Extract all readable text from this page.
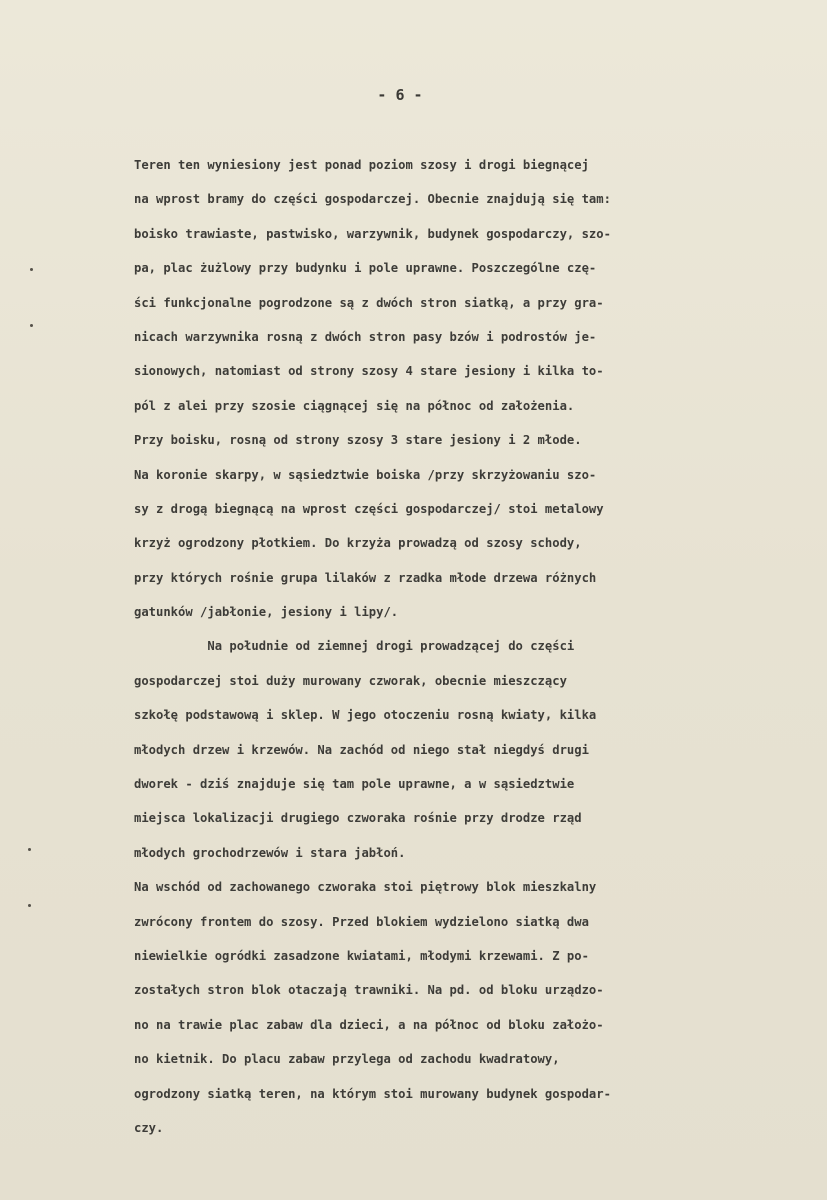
- 6 -
Teren ten wyniesiony jest ponad poziom szosy i drogi biegnącej
na wprost bramy do części gospodarczej. Obecnie znajdują się tam:
boisko trawiaste, pastwisko, warzywnik, budynek gospodarczy, szo-
pa, plac żużlowy przy budynku i pole uprawne. Poszczególne czę-
ści funkcjonalne pogrodzone są z dwóch stron siatką, a przy gra-
nicach warzywnika rosną z dwóch stron pasy bzów i podrostów je-
sionowych, natomiast od strony szosy 4 stare jesiony i kilka to-
pól z alei przy szosie ciągnącej się na północ od założenia.
Przy boisku, rosną od strony szosy 3 stare jesiony i 2 młode.
Na koronie skarpy, w sąsiedztwie boiska /przy skrzyżowaniu szo-
sy z drogą biegnącą na wprost części gospodarczej/ stoi metalowy
krzyż ogrodzony płotkiem. Do krzyża prowadzą od szosy schody,
przy których rośnie grupa lilaków z rzadka młode drzewa różnych
gatunków /jabłonie, jesiony i lipy/.
Na południe od ziemnej drogi prowadzącej do części
gospodarczej stoi duży murowany czworak, obecnie mieszczący
szkołę podstawową i sklep. W jego otoczeniu rosną kwiaty, kilka
młodych drzew i krzewów. Na zachód od niego stał niegdyś drugi
dworek - dziś znajduje się tam pole uprawne, a w sąsiedztwie
miejsca lokalizacji drugiego czworaka rośnie przy drodze rząd
młodych grochodrzewów i stara jabłoń.
Na wschód od zachowanego czworaka stoi piętrowy blok mieszkalny
zwrócony frontem do szosy. Przed blokiem wydzielono siatką dwa
niewielkie ogródki zasadzone kwiatami, młodymi krzewami. Z po-
zostałych stron blok otaczają trawniki. Na pd. od bloku urządzo-
no na trawie plac zabaw dla dzieci, a na północ od bloku założo-
no kietnik. Do placu zabaw przylega od zachodu kwadratowy,
ogrodzony siatką teren, na którym stoi murowany budynek gospodar-
czy.
